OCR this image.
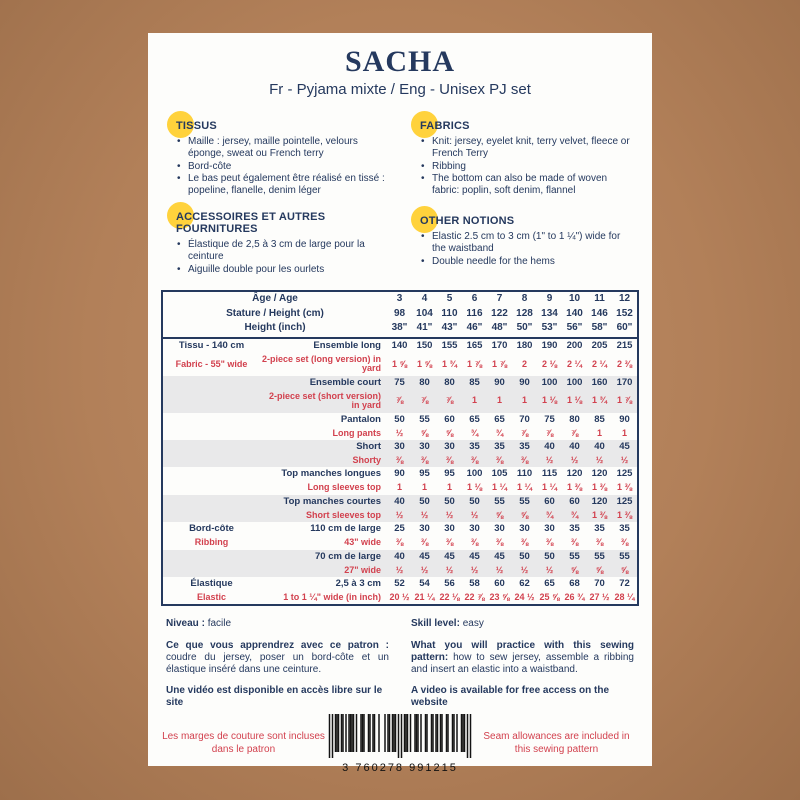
SACHA
Fr - Pyjama mixte / Eng - Unisex PJ set
TISSUS
• Maille : jersey, maille pointelle, velours éponge, sweat ou French terry
• Bord-côte
• Le bas peut également être réalisé en tissé : popeline, flanelle, denim léger
FABRICS
• Knit: jersey, eyelet knit, terry velvet, fleece or French Terry
• Ribbing
• The bottom can also be made of woven fabric: poplin, soft denim, flannel
ACCESSOIRES ET AUTRES FOURNITURES
• Élastique de 2,5 à 3 cm de large pour la ceinture
• Aiguille double pour les ourlets
OTHER NOTIONS
• Elastic 2.5 cm to 3 cm (1" to 1 ¼") wide for the waistband
• Double needle for the hems
Âge / Age		3	4	5	6	7	8	9	10	11	12
Stature / Height (cm)		98	104	110	116	122	128	134	140	146	152
Height (inch)		38"	41"	43"	46"	48"	50"	53"	56"	58"	60"
Tissu - 140 cm	Ensemble long	140	150	155	165	170	180	190	200	205	215
Fabric - 55" wide	2-piece set (long version) in yard	1 ⅝	1 ⅝	1 ¾	1 ⅞	1 ⅞	2	2 ⅛	2 ¼	2 ¼	2 ⅜
	Ensemble court	75	80	80	85	90	90	100	100	160	170
	2-piece set (short version) in yard	⅞	⅞	⅞	1	1	1	1 ⅛	1 ⅛	1 ¾	1 ⅞
	Pantalon	50	55	60	65	65	70	75	80	85	90
	Long pants	½	⅝	⅝	¾	¾	⅞	⅞	⅞	1	1
	Short	30	30	30	35	35	35	40	40	40	45
	Shorty	⅜	⅜	⅜	⅜	⅜	⅜	½	½	½	½
	Top manches longues	90	95	95	100	105	110	115	120	120	125
	Long sleeves top	1	1	1	1 ⅛	1 ¼	1 ¼	1 ¼	1 ⅜	1 ⅜	1 ⅜
	Top manches courtes	40	50	50	50	55	55	60	60	120	125
	Short sleeves top	½	½	½	½	⅝	⅝	¾	¾	1 ⅜	1 ⅜
Bord-côte	110 cm de large	25	30	30	30	30	30	30	35	35	35
Ribbing	43" wide	⅜	⅜	⅜	⅜	⅜	⅜	⅜	⅜	⅜	⅜
	70 cm de large	40	45	45	45	45	50	50	55	55	55
	27" wide	½	½	½	½	½	½	½	⅝	⅝	⅝
Élastique	2,5 à 3 cm	52	54	56	58	60	62	65	68	70	72
Elastic	1 to 1 ¼" wide (in inch)	20 ½	21 ¼	22 ⅛	22 ⅞	23 ⅝	24 ½	25 ⅝	26 ¾	27 ½	28 ¼
Niveau : facile
Ce que vous apprendrez avec ce patron : coudre du jersey, poser un bord-côte et un élastique inséré dans une ceinture.
Une vidéo est disponible en accès libre sur le site
Skill level: easy
What you will practice with this sewing pattern: how to sew jersey, assemble a ribbing and insert an elastic into a waistband.
A video is available for free access on the website
Les marges de couture sont incluses dans le patron
3 760278 991215
Seam allowances are included in this sewing pattern
